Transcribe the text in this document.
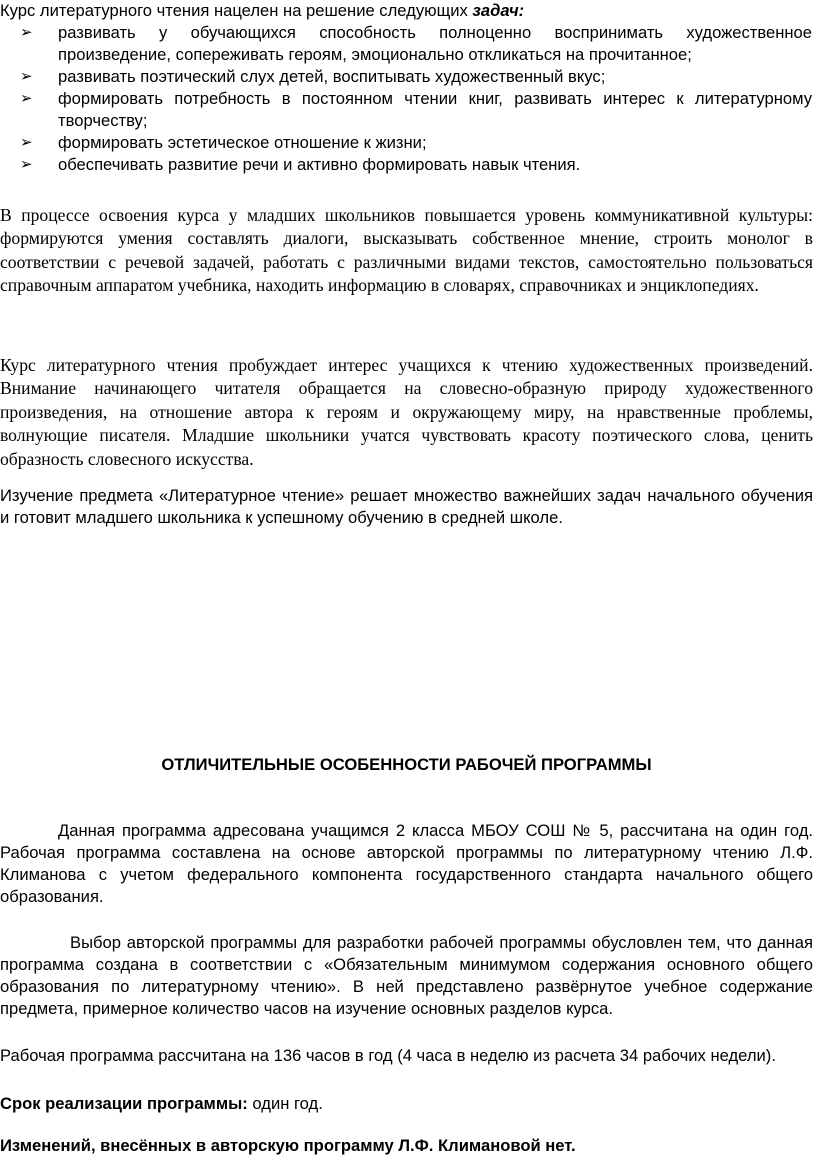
Курс литературного чтения нацелен на решение следующих задач:

➢ развивать у обучающихся способность полноценно воспринимать художественное произведение, сопереживать героям, эмоционально откликаться на прочитанное;
➢ развивать поэтический слух детей, воспитывать художественный вкус;
➢ формировать потребность в постоянном чтении книг, развивать интерес к литературному творчеству;
➢ формировать эстетическое отношение к жизни;
➢ обеспечивать развитие речи и активно формировать навык чтения.

В процессе освоения курса у младших школьников повышается уровень коммуникативной культуры: формируются умения составлять диалоги, высказывать собственное мнение, строить монолог в соответствии с речевой задачей, работать с различными видами текстов, самостоятельно пользоваться справочным аппаратом учебника, находить информацию в словарях, справочниках и энциклопедиях.

Курс литературного чтения пробуждает интерес учащихся к чтению художественных произведений. Внимание начинающего читателя обращается на словесно-образную природу художественного произведения, на отношение автора к героям и окружающему миру, на нравственные проблемы, волнующие писателя. Младшие школьники учатся чувствовать красоту поэтического слова, ценить образность словесного искусства.

Изучение предмета «Литературное чтение» решает множество важнейших задач начального обучения и готовит младшего школьника к успешному обучению в средней школе.

ОТЛИЧИТЕЛЬНЫЕ ОСОБЕННОСТИ РАБОЧЕЙ ПРОГРАММЫ

Данная программа адресована учащимся 2 класса МБОУ СОШ № 5, рассчитана на один год. Рабочая программа составлена на основе авторской программы по литературному чтению Л.Ф. Климанова с учетом федерального компонента государственного стандарта начального общего образования.

Выбор авторской программы для разработки рабочей программы обусловлен тем, что данная программа создана в соответствии с «Обязательным минимумом содержания основного общего образования по литературному чтению». В ней представлено развёрнутое учебное содержание предмета, примерное количество часов на изучение основных разделов курса.

Рабочая программа рассчитана на 136 часов в год (4 часа в неделю из расчета 34 рабочих недели).

Срок реализации программы: один год.

Изменений, внесённых в авторскую программу Л.Ф. Климановой нет.
